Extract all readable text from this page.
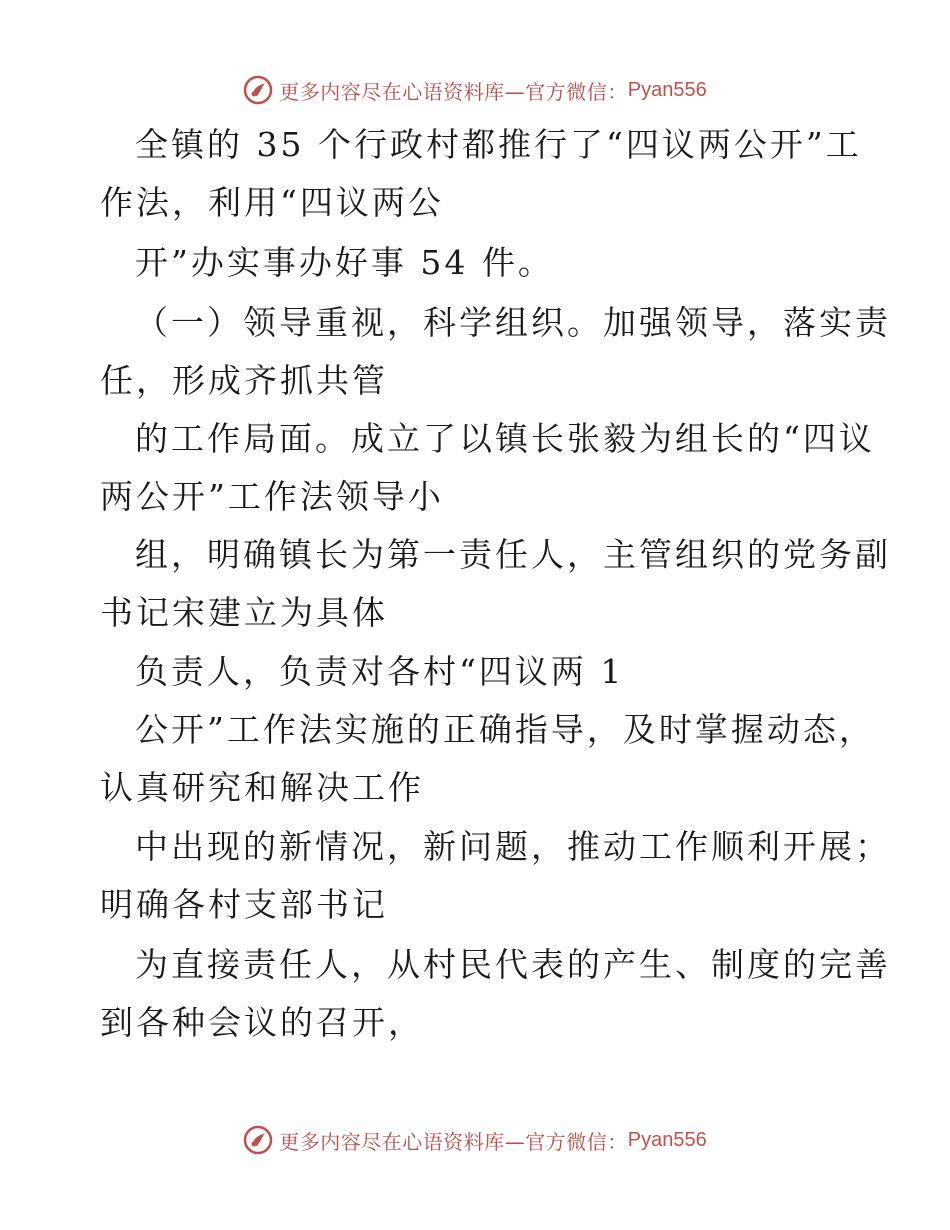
更多内容尽在心语资料库—官方微信： Pyan556
全镇的 35 个行政村都推行了“四议两公开”工
作法，利用“四议两公
开”办实事办好事 54 件。
（一）领导重视，科学组织。加强领导，落实责
任，形成齐抓共管
的工作局面。成立了以镇长张毅为组长的“四议
两公开”工作法领导小
组，明确镇长为第一责任人，主管组织的党务副
书记宋建立为具体
负责人，负责对各村“四议两 1
公开”工作法实施的正确指导，及时掌握动态，
认真研究和解决工作
中出现的新情况，新问题，推动工作顺利开展；
明确各村支部书记
为直接责任人，从村民代表的产生、制度的完善
到各种会议的召开，
更多内容尽在心语资料库—官方微信： Pyan556
